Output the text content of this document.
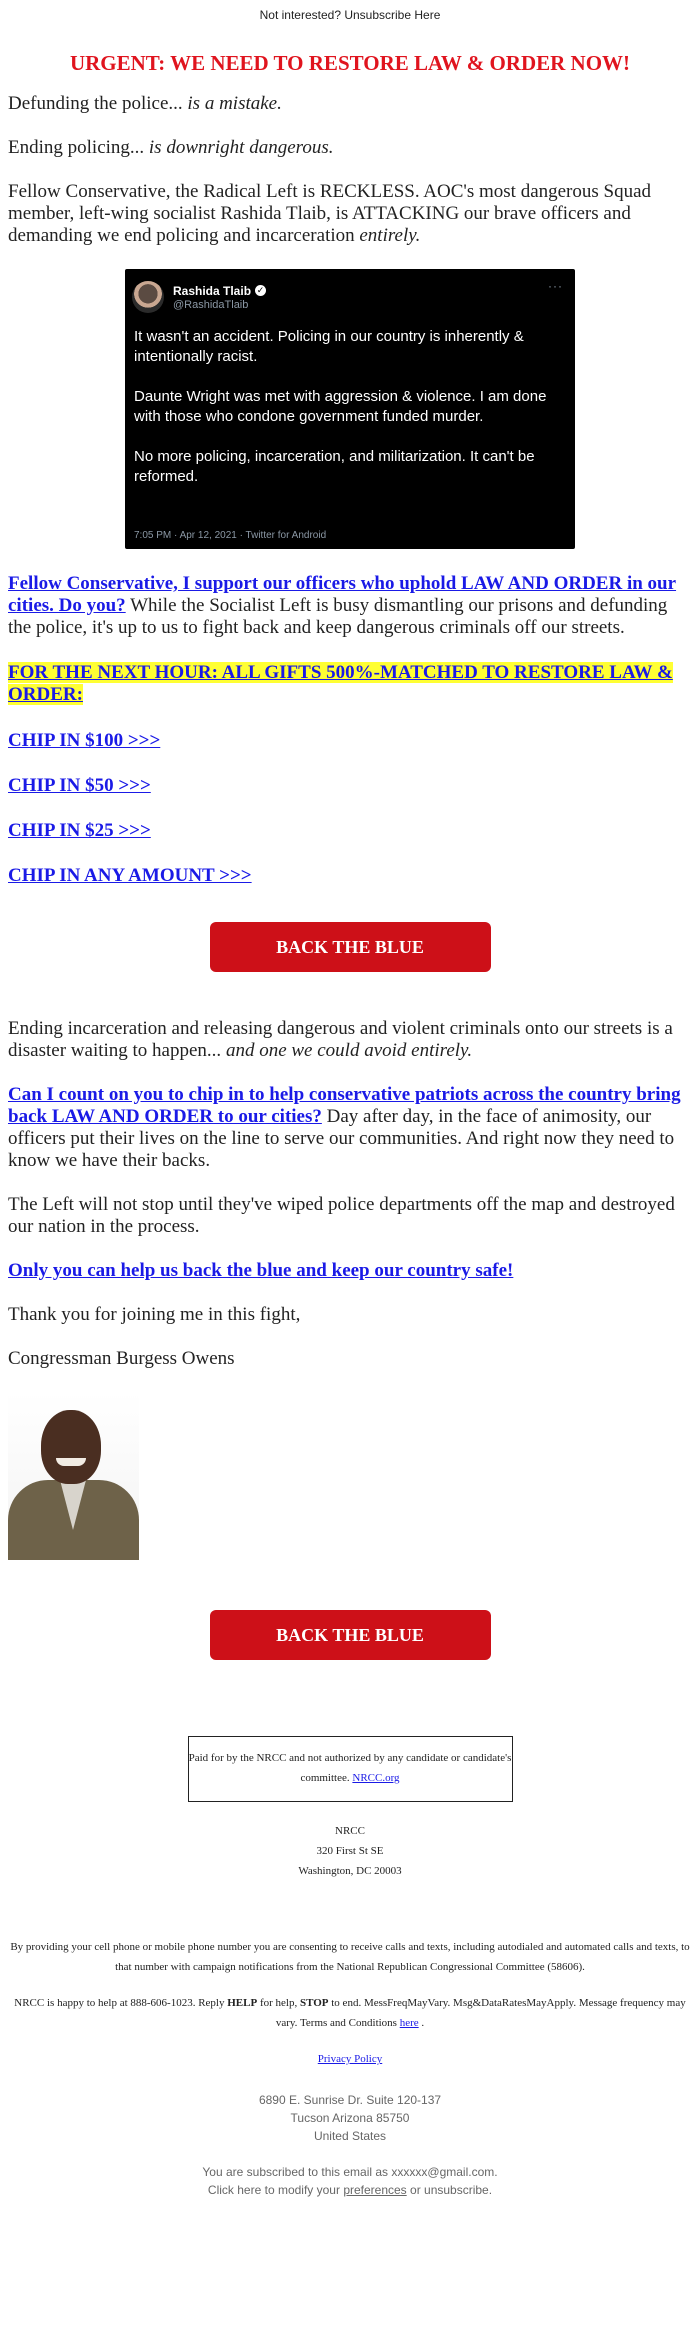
Not interested? Unsubscribe Here
URGENT: WE NEED TO RESTORE LAW & ORDER NOW!

Defunding the police... is a mistake.

Ending policing... is downright dangerous.

Fellow Conservative, the Radical Left is RECKLESS. AOC's most dangerous Squad member, left-wing socialist Rashida Tlaib, is ATTACKING our brave officers and demanding we end policing and incarceration entirely.

Rashida Tlaib ✓
@RashidaTlaib
···

It wasn't an accident. Policing in our country is inherently & intentionally racist.

Daunte Wright was met with aggression & violence. I am done with those who condone government funded murder.

No more policing, incarceration, and militarization. It can't be reformed.

7:05 PM · Apr 12, 2021 · Twitter for Android

Fellow Conservative, I support our officers who uphold LAW AND ORDER in our cities. Do you? While the Socialist Left is busy dismantling our prisons and defunding the police, it's up to us to fight back and keep dangerous criminals off our streets.

FOR THE NEXT HOUR: ALL GIFTS 500%-MATCHED TO RESTORE LAW & ORDER:

CHIP IN $100 >>>

CHIP IN $50 >>>

CHIP IN $25 >>>

CHIP IN ANY AMOUNT >>>

BACK THE BLUE

Ending incarceration and releasing dangerous and violent criminals onto our streets is a disaster waiting to happen... and one we could avoid entirely.

Can I count on you to chip in to help conservative patriots across the country bring back LAW AND ORDER to our cities? Day after day, in the face of animosity, our officers put their lives on the line to serve our communities. And right now they need to know we have their backs.

The Left will not stop until they've wiped police departments off the map and destroyed our nation in the process.

Only you can help us back the blue and keep our country safe!

Thank you for joining me in this fight,

Congressman Burgess Owens

BACK THE BLUE
Paid for by the NRCC and not authorized by any candidate or candidate's committee. NRCC.org
NRCC
320 First St SE
Washington, DC 20003
By providing your cell phone or mobile phone number you are consenting to receive calls and texts, including autodialed and automated calls and texts, to that number with campaign notifications from the National Republican Congressional Committee (58606).
NRCC is happy to help at 888-606-1023. Reply HELP for help, STOP to end. MessFreqMayVary. Msg&DataRatesMayApply. Message frequency may vary. Terms and Conditions here .
Privacy Policy
6890 E. Sunrise Dr. Suite 120-137
Tucson Arizona 85750
United States
You are subscribed to this email as xxxxxx@gmail.com.
Click here to modify your preferences or unsubscribe.
